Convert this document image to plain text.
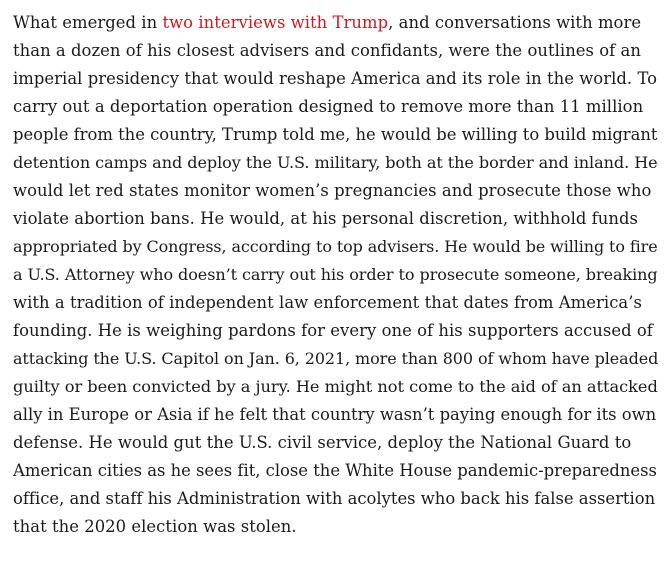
What emerged in two interviews with Trump, and conversations with more
than a dozen of his closest advisers and confidants, were the outlines of an
imperial presidency that would reshape America and its role in the world. To
carry out a deportation operation designed to remove more than 11 million
people from the country, Trump told me, he would be willing to build migrant
detention camps and deploy the U.S. military, both at the border and inland. He
would let red states monitor women’s pregnancies and prosecute those who
violate abortion bans. He would, at his personal discretion, withhold funds
appropriated by Congress, according to top advisers. He would be willing to fire
a U.S. Attorney who doesn’t carry out his order to prosecute someone, breaking
with a tradition of independent law enforcement that dates from America’s
founding. He is weighing pardons for every one of his supporters accused of
attacking the U.S. Capitol on Jan. 6, 2021, more than 800 of whom have pleaded
guilty or been convicted by a jury. He might not come to the aid of an attacked
ally in Europe or Asia if he felt that country wasn’t paying enough for its own
defense. He would gut the U.S. civil service, deploy the National Guard to
American cities as he sees fit, close the White House pandemic-preparedness
office, and staff his Administration with acolytes who back his false assertion
that the 2020 election was stolen.
